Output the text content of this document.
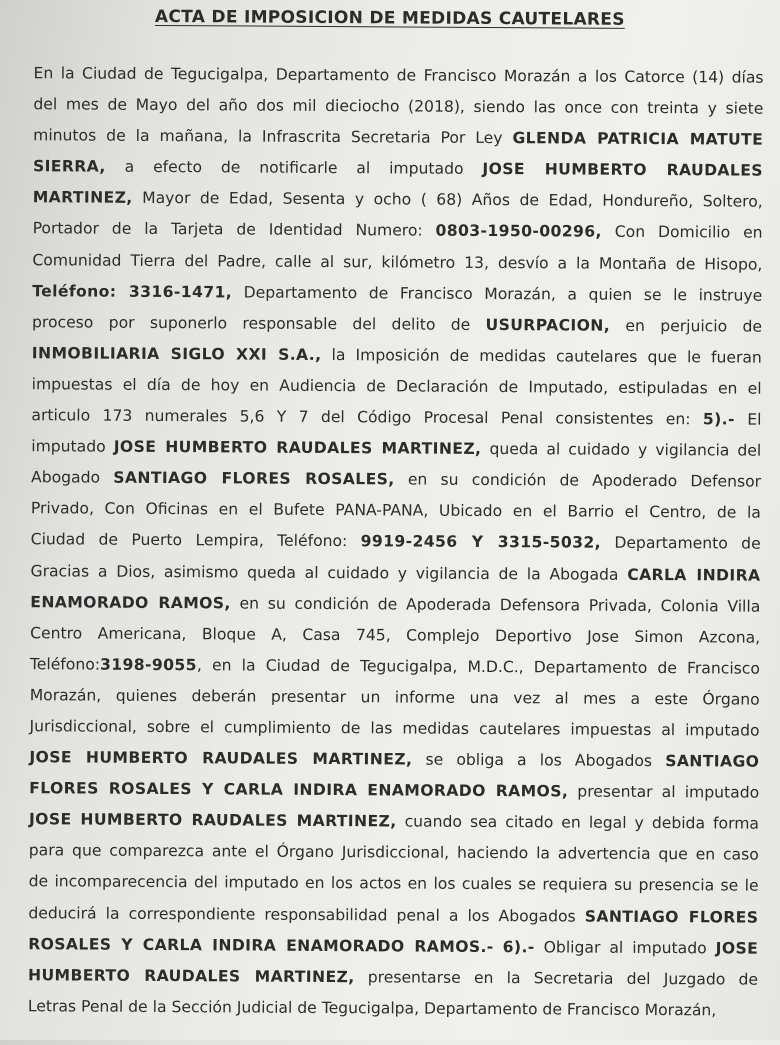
ACTA DE IMPOSICION DE MEDIDAS CAUTELARES
En la Ciudad de Tegucigalpa, Departamento de Francisco Morazán a los Catorce (14) días
del mes de Mayo del año dos mil dieciocho (2018), siendo las once con treinta y siete
minutos de la mañana, la Infrascrita Secretaria Por Ley GLENDA PATRICIA MATUTE
SIERRA, a efecto de notificarle al imputado JOSE HUMBERTO RAUDALES
MARTINEZ, Mayor de Edad, Sesenta y ocho ( 68) Años de Edad, Hondureño, Soltero,
Portador de la Tarjeta de Identidad Numero: 0803-1950-00296, Con Domicilio en
Comunidad Tierra del Padre, calle al sur, kilómetro 13, desvío a la Montaña de Hisopo,
Teléfono: 3316-1471, Departamento de Francisco Morazán, a quien se le instruye
proceso por suponerlo responsable del delito de USURPACION, en perjuicio de
INMOBILIARIA SIGLO XXI S.A., la Imposición de medidas cautelares que le fueran
impuestas el día de hoy en Audiencia de Declaración de Imputado, estipuladas en el
articulo 173 numerales 5,6 Y 7 del Código Procesal Penal consistentes en: 5).- El
imputado JOSE HUMBERTO RAUDALES MARTINEZ, queda al cuidado y vigilancia del
Abogado SANTIAGO FLORES ROSALES, en su condición de Apoderado Defensor
Privado, Con Oficinas en el Bufete PANA-PANA, Ubicado en el Barrio el Centro, de la
Ciudad de Puerto Lempira, Teléfono: 9919-2456 Y 3315-5032, Departamento de
Gracias a Dios, asimismo queda al cuidado y vigilancia de la Abogada CARLA INDIRA
ENAMORADO RAMOS, en su condición de Apoderada Defensora Privada, Colonia Villa
Centro Americana, Bloque A, Casa 745, Complejo Deportivo Jose Simon Azcona,
Teléfono:3198-9055, en la Ciudad de Tegucigalpa, M.D.C., Departamento de Francisco
Morazán, quienes deberán presentar un informe una vez al mes a este Órgano
Jurisdiccional, sobre el cumplimiento de las medidas cautelares impuestas al imputado
JOSE HUMBERTO RAUDALES MARTINEZ, se obliga a los Abogados SANTIAGO
FLORES ROSALES Y CARLA INDIRA ENAMORADO RAMOS, presentar al imputado
JOSE HUMBERTO RAUDALES MARTINEZ, cuando sea citado en legal y debida forma
para que comparezca ante el Órgano Jurisdiccional, haciendo la advertencia que en caso
de incomparecencia del imputado en los actos en los cuales se requiera su presencia se le
deducirá la correspondiente responsabilidad penal a los Abogados SANTIAGO FLORES
ROSALES Y CARLA INDIRA ENAMORADO RAMOS.- 6).- Obligar al imputado JOSE
HUMBERTO RAUDALES MARTINEZ, presentarse en la Secretaria del Juzgado de
Letras Penal de la Sección Judicial de Tegucigalpa, Departamento de Francisco Morazán,
